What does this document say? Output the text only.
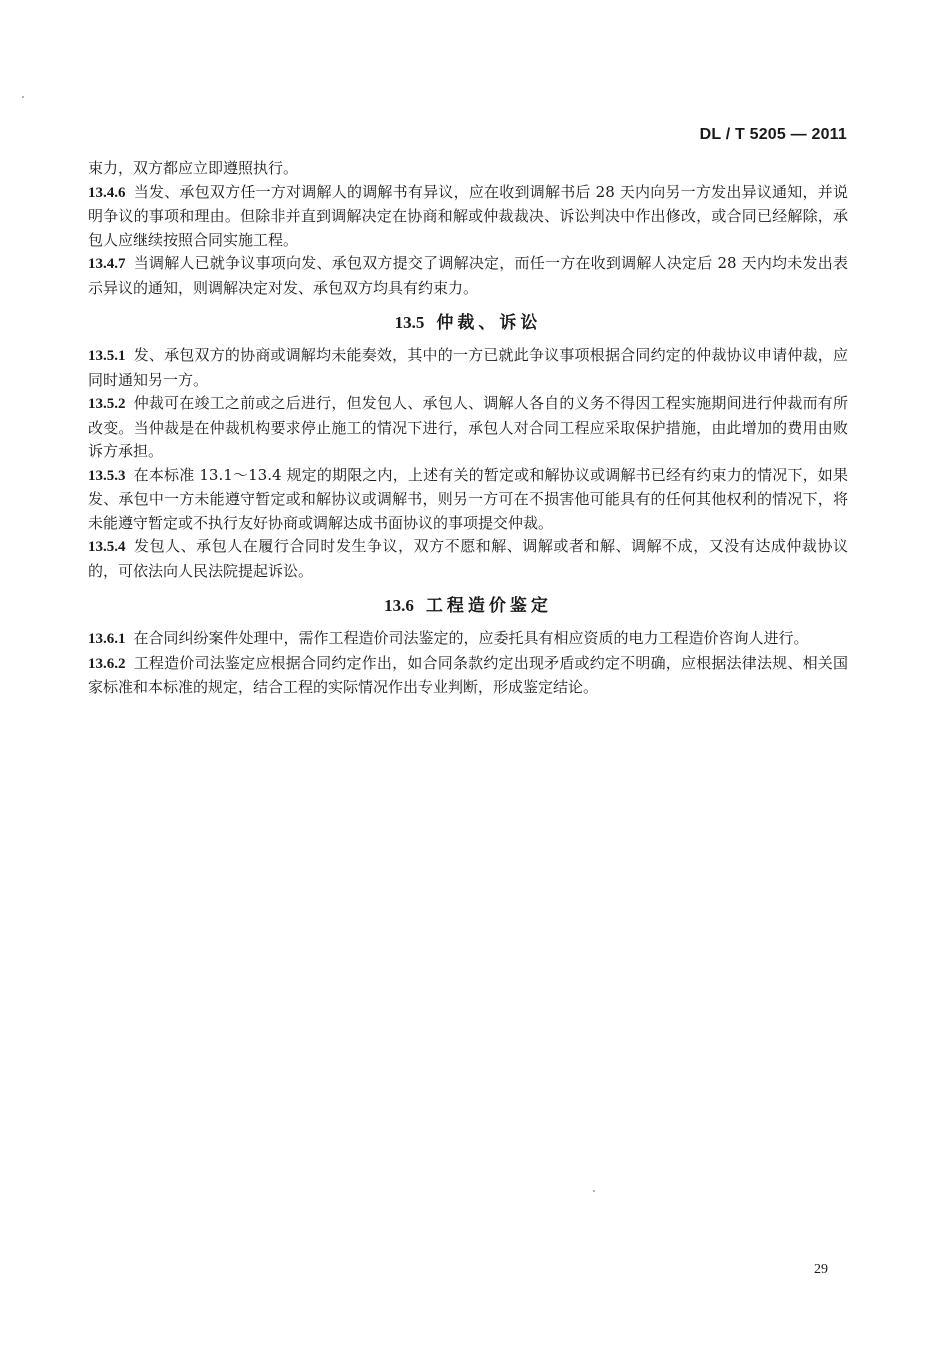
DL / T 5205 — 2011

束力，双方都应立即遵照执行。

13.4.6 当发、承包双方任一方对调解人的调解书有异议，应在收到调解书后 28 天内向另一方发出异议通知，并说明争议的事项和理由。但除非并直到调解决定在协商和解或仲裁裁决、诉讼判决中作出修改，或合同已经解除，承包人应继续按照合同实施工程。

13.4.7 当调解人已就争议事项向发、承包双方提交了调解决定，而任一方在收到调解人决定后 28 天内均未发出表示异议的通知，则调解决定对发、承包双方均具有约束力。

13.5 仲裁、诉讼

13.5.1 发、承包双方的协商或调解均未能奏效，其中的一方已就此争议事项根据合同约定的仲裁协议申请仲裁，应同时通知另一方。

13.5.2 仲裁可在竣工之前或之后进行，但发包人、承包人、调解人各自的义务不得因工程实施期间进行仲裁而有所改变。当仲裁是在仲裁机构要求停止施工的情况下进行，承包人对合同工程应采取保护措施，由此增加的费用由败诉方承担。

13.5.3 在本标准 13.1～13.4 规定的期限之内，上述有关的暂定或和解协议或调解书已经有约束力的情况下，如果发、承包中一方未能遵守暂定或和解协议或调解书，则另一方可在不损害他可能具有的任何其他权利的情况下，将未能遵守暂定或不执行友好协商或调解达成书面协议的事项提交仲裁。

13.5.4 发包人、承包人在履行合同时发生争议，双方不愿和解、调解或者和解、调解不成，又没有达成仲裁协议的，可依法向人民法院提起诉讼。

13.6 工程造价鉴定

13.6.1 在合同纠纷案件处理中，需作工程造价司法鉴定的，应委托具有相应资质的电力工程造价咨询人进行。

13.6.2 工程造价司法鉴定应根据合同约定作出，如合同条款约定出现矛盾或约定不明确，应根据法律法规、相关国家标准和本标准的规定，结合工程的实际情况作出专业判断，形成鉴定结论。

29
